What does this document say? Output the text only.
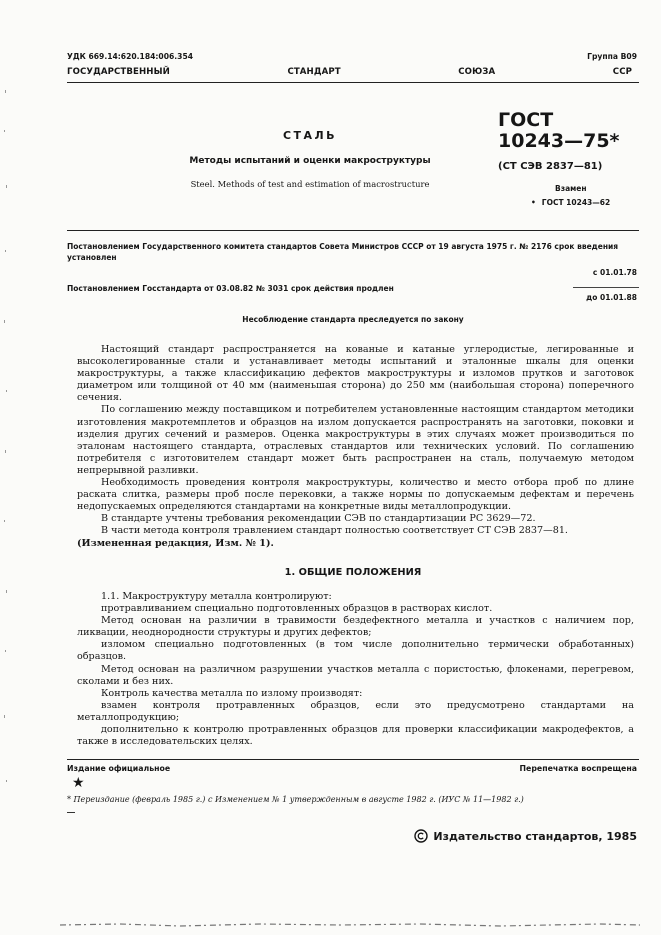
УДК 669.14:620.184:006.354	Группа В09
ГОСУДАРСТВЕННЫЙ	СТАНДАРТ	СОЮЗА	ССР
СТАЛЬ
Методы испытаний и оценки макроструктуры
Steel. Methods of test and estimation of macrostructure
ГОСТ
10243—75*
(СТ СЭВ 2837—81)
Взамен
• ГОСТ 10243—62
Постановлением Государственного комитета стандартов Совета Министров СССР от 19 августа 1975 г. № 2176 срок введения установлен
с 01.01.78
Постановлением Госстандарта от 03.08.82 № 3031 срок действия продлен
до 01.01.88
Несоблюдение стандарта преследуется по закону

Настоящий стандарт распространяется на кованые и катаные углеродистые, легированные и высоколегированные стали и устанавливает методы испытаний и эталонные шкалы для оценки макроструктуры, а также классификацию дефектов макроструктуры и изломов прутков и заготовок диаметром или толщиной от 40 мм (наименьшая сторона) до 250 мм (наибольшая сторона) поперечного сечения.

По соглашению между поставщиком и потребителем установленные настоящим стандартом методики изготовления макротемплетов и образцов на излом допускается распространять на заготовки, поковки и изделия других сечений и размеров. Оценка макроструктуры в этих случаях может производиться по эталонам настоящего стандарта, отраслевых стандартов или технических условий. По соглашению потребителя с изготовителем стандарт может быть распространен на сталь, получаемую методом непрерывной разливки.

Необходимость проведения контроля макроструктуры, количество и место отбора проб по длине раската слитка, размеры проб после перековки, а также нормы по допускаемым дефектам и перечень недопускаемых определяются стандартами на конкретные виды металлопродукции.

В стандарте учтены требования рекомендации СЭВ по стандартизации РС 3629—72.

В части метода контроля травлением стандарт полностью соответствует СТ СЭВ 2837—81.

(Измененная редакция, Изм. № 1).

1. ОБЩИЕ ПОЛОЖЕНИЯ

1.1. Макроструктуру металла контролируют:

протравливанием специально подготовленных образцов в растворах кислот.

Метод основан на различии в травимости бездефектного металла и участков с наличием пор, ликвации, неоднородности структуры и других дефектов;

изломом специально подготовленных (в том числе дополнительно термически обработанных) образцов.

Метод основан на различном разрушении участков металла с пористостью, флокенами, перегревом, сколами и без них.

Контроль качества металла по излому производят:

взамен контроля протравленных образцов, если это предусмотрено стандартами на металлопродукцию;

дополнительно к контролю протравленных образцов для проверки классификации макродефектов, а также в исследовательских целях.

Издание официальное	Перепечатка воспрещена
★
* Переиздание (февраль 1985 г.) с Изменением № 1 утвержденным в августе 1982 г. (ИУС № 11—1982 г.)
Издательство стандартов, 1985
